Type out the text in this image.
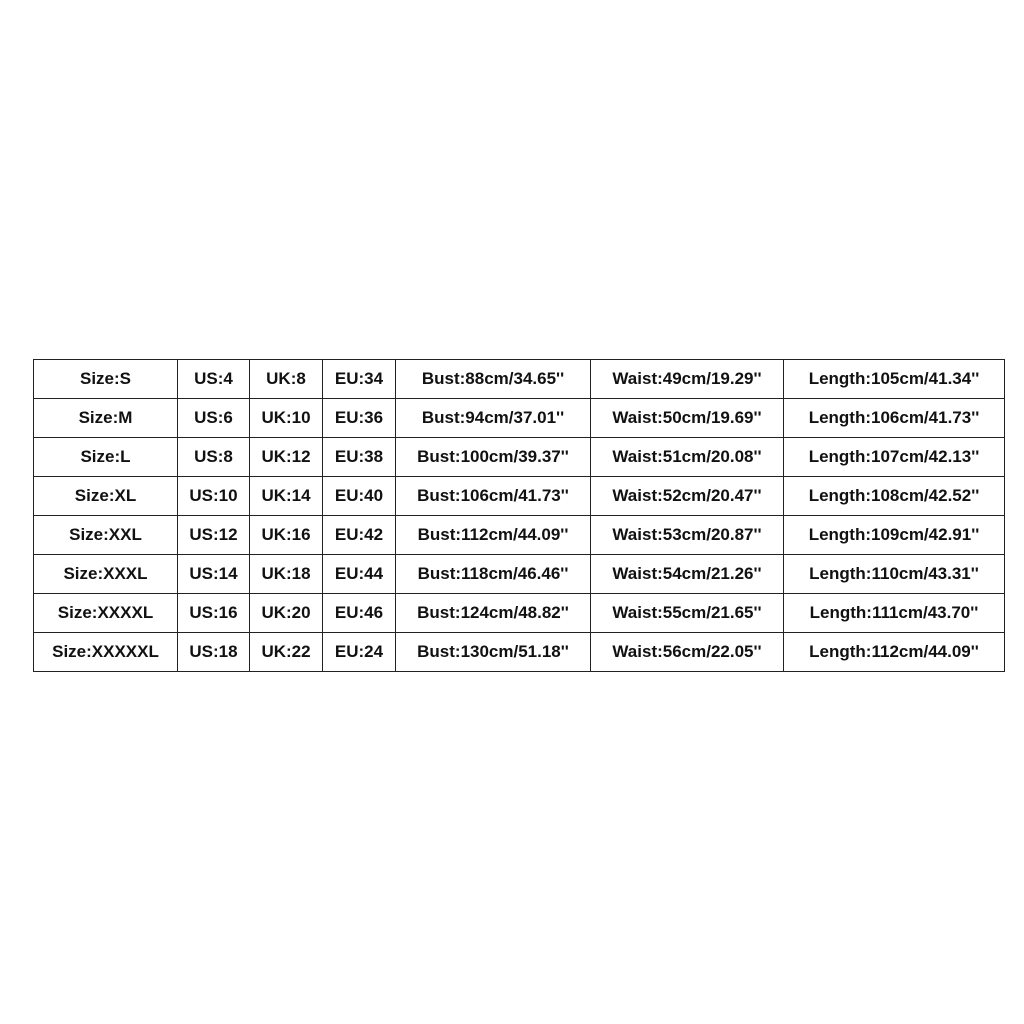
Size:S	US:4	UK:8	EU:34	Bust:88cm/34.65''	Waist:49cm/19.29''	Length:105cm/41.34''
Size:M	US:6	UK:10	EU:36	Bust:94cm/37.01''	Waist:50cm/19.69''	Length:106cm/41.73''
Size:L	US:8	UK:12	EU:38	Bust:100cm/39.37''	Waist:51cm/20.08''	Length:107cm/42.13''
Size:XL	US:10	UK:14	EU:40	Bust:106cm/41.73''	Waist:52cm/20.47''	Length:108cm/42.52''
Size:XXL	US:12	UK:16	EU:42	Bust:112cm/44.09''	Waist:53cm/20.87''	Length:109cm/42.91''
Size:XXXL	US:14	UK:18	EU:44	Bust:118cm/46.46''	Waist:54cm/21.26''	Length:110cm/43.31''
Size:XXXXL	US:16	UK:20	EU:46	Bust:124cm/48.82''	Waist:55cm/21.65''	Length:111cm/43.70''
Size:XXXXXL	US:18	UK:22	EU:24	Bust:130cm/51.18''	Waist:56cm/22.05''	Length:112cm/44.09''
